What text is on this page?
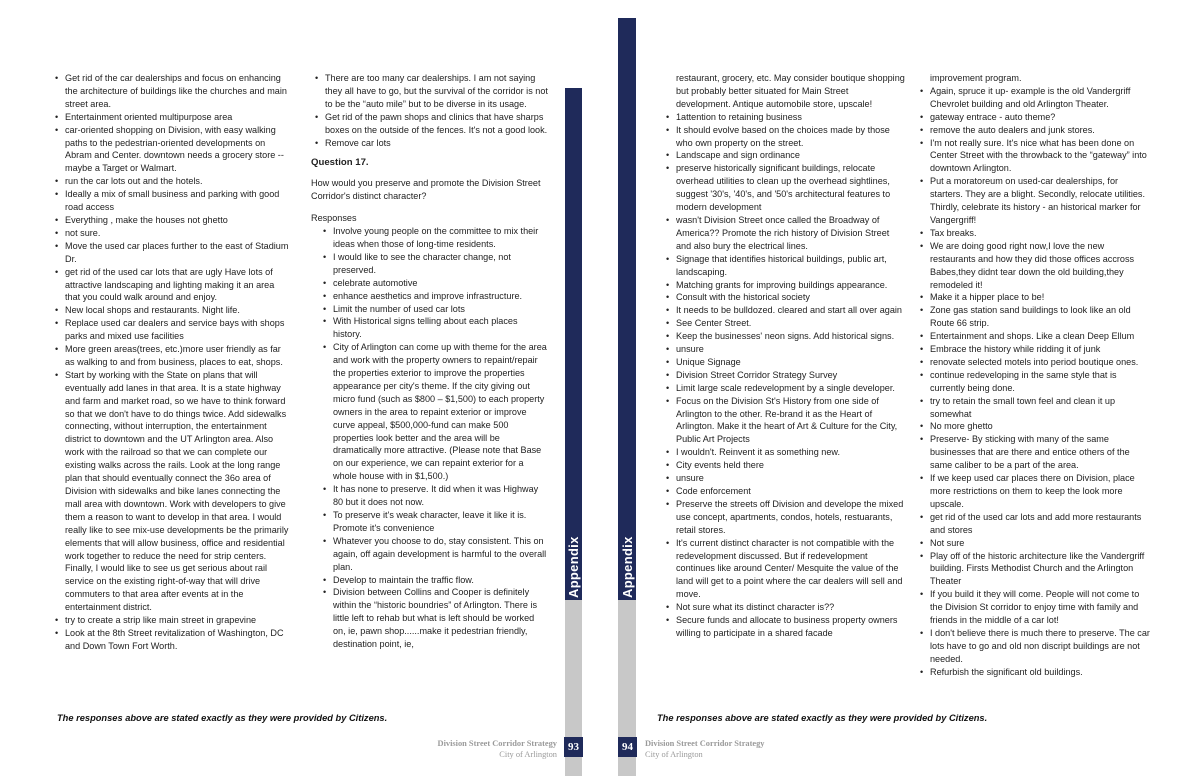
• Get rid of the car dealerships and focus on enhancing the architecture of buildings like the churches and main street area.
• Entertainment oriented multipurpose area
• car-oriented shopping on Division, with easy walking paths to the pedestrian-oriented developments on Abram and Center. downtown needs a grocery store -- maybe a Target or Walmart.
• run the car lots out and the hotels.
• Ideally a mix of small business and parking with good road access
• Everything , make the houses not ghetto
• not sure.
• Move the used car places further to the east of Stadium Dr.
• get rid of the used car lots that are ugly Have lots of attractive landscaping and lighting making it an area that you could walk around and enjoy.
• New local shops and restaurants. Night life.
• Replace used car dealers and service bays with shops parks and mixed use facilities
• More green areas(trees, etc.)more user friendly as far as walking to and from business, places to eat, shops.
• Start by working with the State on plans that will eventually add lanes in that area. It is a state highway and farm and market road, so we have to think forward so that we don't have to do things twice. Add sidewalks connecting, without interruption, the entertainment district to downtown and the UT Arlington area. Also work with the railroad so that we can complete our existing walks across the rails. Look at the long range plan that should eventually connect the 36o area of Division with sidewalks and bike lanes connecting the mall area with downtown. Work with developers to give them a reason to want to develop in that area. I would really like to see mix-use developments be the primarily elements that will allow business, office and residential work together to reduce the need for strip centers. Finally, I would like to see us get serious about rail service on the existing right-of-way that will drive commuters to that area after events at in the entertainment district.
• try to create a strip like main street in grapevine
• Look at the 8th Street revitalization of Washington, DC and Down Town Fort Worth.
• There are too many car dealerships. I am not saying they all have to go, but the survival of the corridor is not to be the “auto mile” but to be diverse in its usage.
• Get rid of the pawn shops and clinics that have sharps boxes on the outside of the fences. It's not a good look.
• Remove car lots
Question 17.
How would you preserve and promote the Division Street Corridor's distinct character?
Responses
• Involve young people on the committee to mix their ideas when those of long-time residents.
• I would like to see the character change, not preserved.
• celebrate automotive
• enhance aesthetics and improve infrastructure.
• Limit the number of used car lots
• With Historical signs telling about each places history.
• City of Arlington can come up with theme for the area and work with the property owners to repaint/repair the properties exterior to improve the properties appearance per city's theme. If the city giving out micro fund (such as $800 – $1,500) to each property owners in the area to repaint exterior or improve curve appeal, $500,000-fund can make 500 properties look better and the area will be dramatically more attractive. (Please note that Base on our experience, we can repaint exterior for a whole house with in $1,500.)
• It has none to preserve. It did when it was Highway 80 but it does not now.
• To preserve it's weak character, leave it like it is. Promote it's convenience
• Whatever you choose to do, stay consistent. This on again, off again development is harmful to the overall plan.
• Develop to maintain the traffic flow.
• Division between Collins and Cooper is definitely within the “historic boundries” of Arlington. There is little left to rehab but what is left should be worked on, ie, pawn shop......make it pedestrian friendly, destination point, ie,
The responses above are stated exactly as they were provided by Citizens.
Appendix
93
Division Street Corridor Strategy
City of Arlington
Appendix
94	Division Street Corridor Strategy
City of Arlington
restaurant, grocery, etc. May consider boutique shopping but probably better situated for Main Street development. Antique automobile store, upscale!
• 1attention to retaining business
• It should evolve based on the choices made by those who own property on the street.
• Landscape and sign ordinance
• preserve historically significant buildings, relocate overhead utilities to clean up the overhead sightlines, suggest '30's, '40's, and '50's architectural features to modern development
• wasn't Division Street once called the Broadway of America?? Promote the rich history of Division Street and also bury the electrical lines.
• Signage that identifies historical buildings, public art, landscaping.
• Matching grants for improving buildings appearance.
• Consult with the historical society
• It needs to be bulldozed. cleared and start all over again
• See Center Street.
• Keep the businesses' neon signs. Add historical signs.
• unsure
• Unique Signage
• Division Street Corridor Strategy Survey
• Limit large scale redevelopment by a single developer.
• Focus on the Division St's History from one side of Arlington to the other. Re-brand it as the Heart of Arlington. Make it the heart of Art & Culture for the City, Public Art Projects
• I wouldn't. Reinvent it as something new.
• City events held there
• unsure
• Code enforcement
• Preserve the streets off Division and develope the mixed use concept, apartments, condos, hotels, restuarants, retail stores.
• It's current distinct character is not compatible with the redevelopment discussed. But if redevelopment continues like around Center/ Mesquite the value of the land will get to a point where the car dealers will sell and move.
• Not sure what its distinct character is??
• Secure funds and allocate to business property owners willing to participate in a shared facade
improvement program.
• Again, spruce it up- example is the old Vandergriff Chevrolet building and old Arlington Theater.
• gateway entrace - auto theme?
• remove the auto dealers and junk stores.
• I'm not really sure. It's nice what has been done on Center Street with the throwback to the “gateway” into downtown Arlington.
• Put a moratoreum on used-car dealerships, for starters. They are a blight. Secondly, relocate utilities. Thirdly, celebrate its history - an historical marker for Vangergriff!
• Tax breaks.
• We are doing good right now,I love the new restaurants and how they did those offices accross Babes,they didnt tear down the old building,they remodeled it!
• Make it a hipper place to be!
• Zone gas station sand buildings to look like an old Route 66 strip.
• Entertainment and shops. Like a clean Deep Ellum
• Embrace the history while ridding it of junk
• renovate selected motels into period boutique ones.
• continue redeveloping in the same style that is currently being done.
• try to retain the small town feel and clean it up somewhat
• No more ghetto
• Preserve- By sticking with many of the same businesses that are there and entice others of the same caliber to be a part of the area.
• If we keep used car places there on Division, place more restrictions on them to keep the look more upscale.
• get rid of the used car lots and add more restaurants and stores
• Not sure
• Play off of the historic architecture like the Vandergriff building. Firsts Methodist Church and the Arlington Theater
• If you build it they will come. People will not come to the Division St corridor to enjoy time with family and friends in the middle of a car lot!
• I don't believe there is much there to preserve. The car lots have to go and old non discript buildings are not needed.
• Refurbish the significant old buildings.
The responses above are stated exactly as they were provided by Citizens.
